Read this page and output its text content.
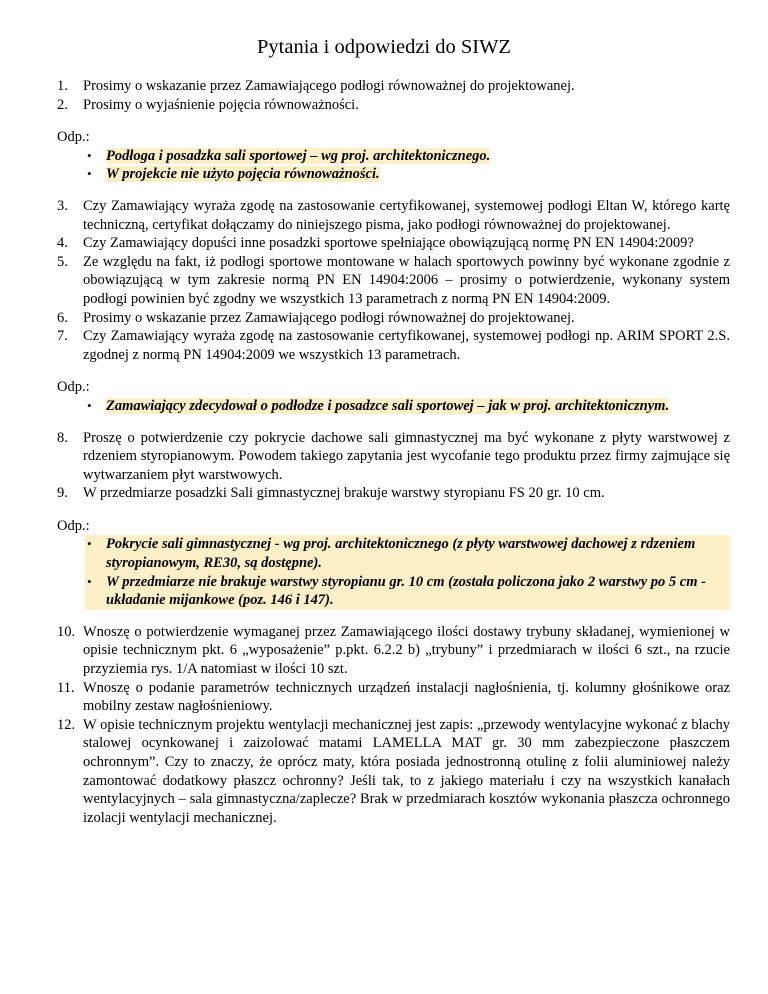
Pytania i odpowiedzi do SIWZ
1. Prosimy o wskazanie przez Zamawiającego podłogi równoważnej do projektowanej.
2. Prosimy o wyjaśnienie pojęcia równoważności.

Odp.:

• Podłoga i posadzka sali sportowej – wg proj. architektonicznego.
• W projekcie nie użyto pojęcia równoważności.
3. Czy Zamawiający wyraża zgodę na zastosowanie certyfikowanej, systemowej podłogi Eltan W, którego kartę techniczną, certyfikat dołączamy do niniejszego pisma, jako podłogi równoważnej do projektowanej.
4. Czy Zamawiający dopuści inne posadzki sportowe spełniające obowiązującą normę PN EN 14904:2009?
5. Ze względu na fakt, iż podłogi sportowe montowane w halach sportowych powinny być wykonane zgodnie z obowiązującą w tym zakresie normą PN EN 14904:2006 – prosimy o potwierdzenie, wykonany system podłogi powinien być zgodny we wszystkich 13 parametrach z normą PN EN 14904:2009.
6. Prosimy o wskazanie przez Zamawiającego podłogi równoważnej do projektowanej.
7. Czy Zamawiający wyraża zgodę na zastosowanie certyfikowanej, systemowej podłogi np. ARIM SPORT 2.S. zgodnej z normą PN 14904:2009 we wszystkich 13 parametrach.

Odp.:

• Zamawiający zdecydował o podłodze i posadzce sali sportowej – jak w proj. architektonicznym.
8. Proszę o potwierdzenie czy pokrycie dachowe sali gimnastycznej ma być wykonane z płyty warstwowej z rdzeniem styropianowym. Powodem takiego zapytania jest wycofanie tego produktu przez firmy zajmujące się wytwarzaniem płyt warstwowych.
9. W przedmiarze posadzki Sali gimnastycznej brakuje warstwy styropianu FS 20 gr. 10 cm.

Odp.:

• Pokrycie sali gimnastycznej - wg proj. architektonicznego (z płyty warstwowej dachowej z rdzeniem styropianowym, RE30, są dostępne).
• W przedmiarze nie brakuje warstwy styropianu gr. 10 cm (została policzona jako 2 warstwy po 5 cm - układanie mijankowe (poz. 146 i 147).
10. Wnoszę o potwierdzenie wymaganej przez Zamawiającego ilości dostawy trybuny składanej, wymienionej w opisie technicznym pkt. 6 „wyposażenie” p.pkt. 6.2.2 b) „trybuny” i przedmiarach w ilości 6 szt., na rzucie przyziemia rys. 1/A natomiast w ilości 10 szt.
11. Wnoszę o podanie parametrów technicznych urządzeń instalacji nagłośnienia, tj. kolumny głośnikowe oraz mobilny zestaw nagłośnieniowy.
12. W opisie technicznym projektu wentylacji mechanicznej jest zapis: „przewody wentylacyjne wykonać z blachy stalowej ocynkowanej i zaizolować matami LAMELLA MAT gr. 30 mm zabezpieczone płaszczem ochronnym”. Czy to znaczy, że oprócz maty, która posiada jednostronną otulinę z folii aluminiowej należy zamontować dodatkowy płaszcz ochronny? Jeśli tak, to z jakiego materiału i czy na wszystkich kanałach wentylacyjnych – sala gimnastyczna/zaplecze? Brak w przedmiarach kosztów wykonania płaszcza ochronnego izolacji wentylacji mechanicznej.
